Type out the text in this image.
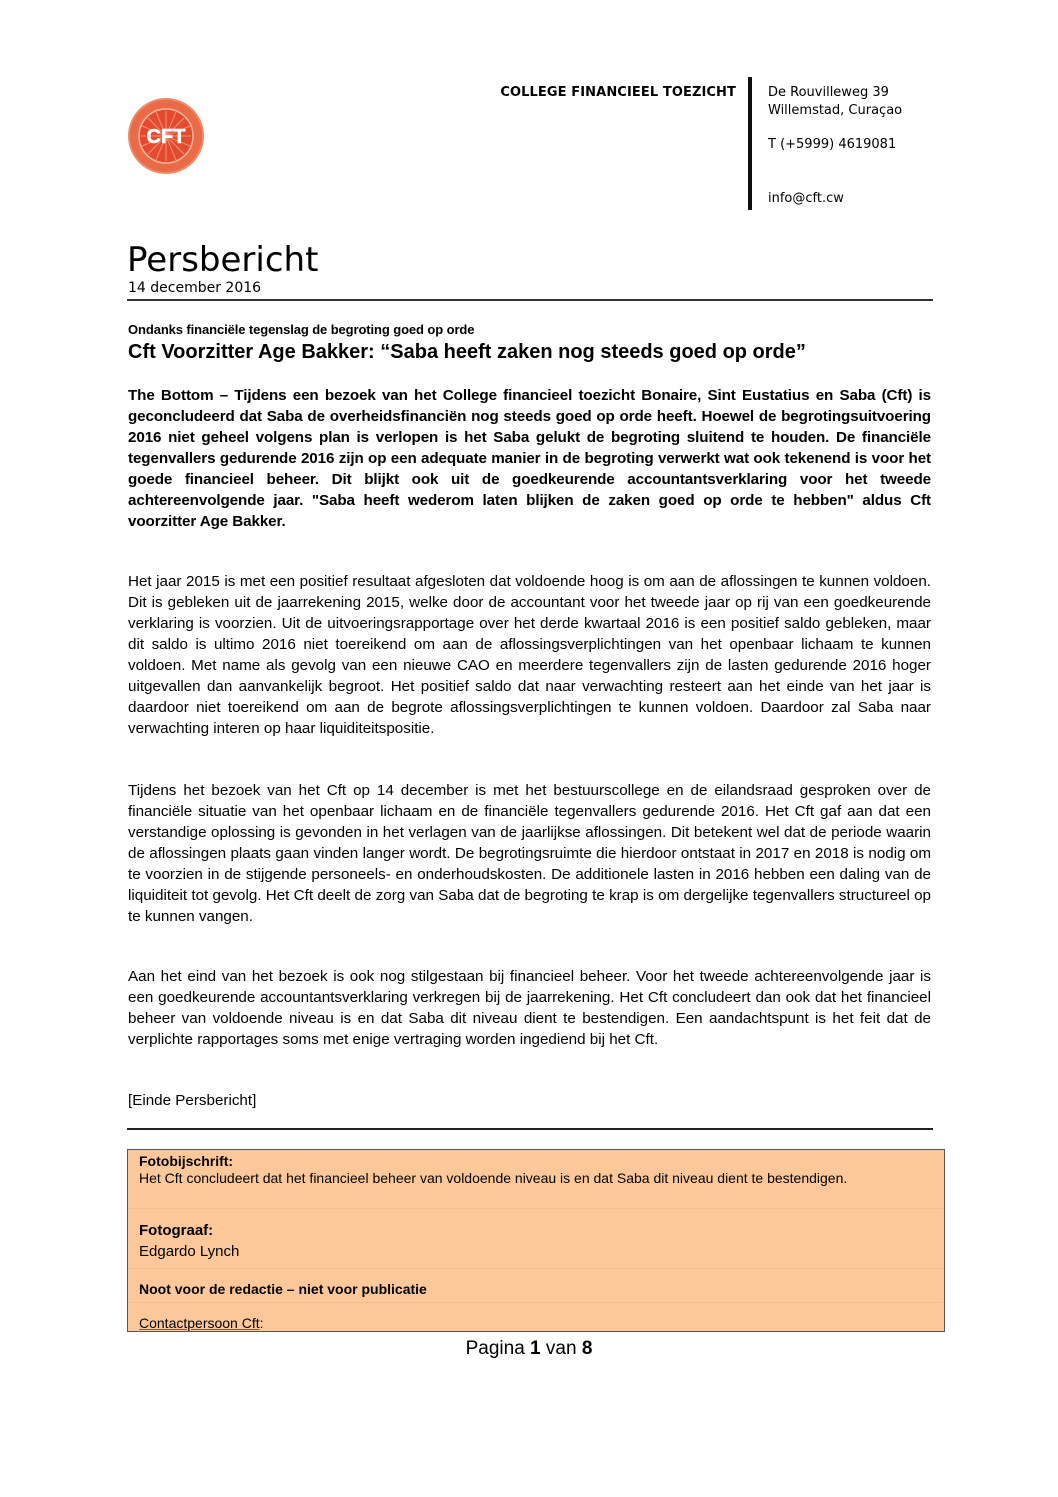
CFT
COLLEGE FINANCIEEL TOEZICHT De Rouvilleweg 39
Willemstad, Curaçao
T (+5999) 4619081
info@cft.cw
Persbericht
14 december 2016
Ondanks financiële tegenslag de begroting goed op orde
Cft Voorzitter Age Bakker: “Saba heeft zaken nog steeds goed op orde”
The Bottom – Tijdens een bezoek van het College financieel toezicht Bonaire, Sint Eustatius en Saba (Cft) is geconcludeerd dat Saba de overheidsfinanciën nog steeds goed op orde heeft. Hoewel de begrotingsuitvoering 2016 niet geheel volgens plan is verlopen is het Saba gelukt de begroting sluitend te houden. De financiële tegenvallers gedurende 2016 zijn op een adequate manier in de begroting verwerkt wat ook tekenend is voor het goede financieel beheer. Dit blijkt ook uit de goedkeurende accountantsverklaring voor het tweede achtereenvolgende jaar. "Saba heeft wederom laten blijken de zaken goed op orde te hebben" aldus Cft voorzitter Age Bakker.
Het jaar 2015 is met een positief resultaat afgesloten dat voldoende hoog is om aan de aflossingen te kunnen voldoen. Dit is gebleken uit de jaarrekening 2015, welke door de accountant voor het tweede jaar op rij van een goedkeurende verklaring is voorzien. Uit de uitvoeringsrapportage over het derde kwartaal 2016 is een positief saldo gebleken, maar dit saldo is ultimo 2016 niet toereikend om aan de aflossingsverplichtingen van het openbaar lichaam te kunnen voldoen. Met name als gevolg van een nieuwe CAO en meerdere tegenvallers zijn de lasten gedurende 2016 hoger uitgevallen dan aanvankelijk begroot. Het positief saldo dat naar verwachting resteert aan het einde van het jaar is daardoor niet toereikend om aan de begrote aflossingsverplichtingen te kunnen voldoen. Daardoor zal Saba naar verwachting interen op haar liquiditeitspositie.
Tijdens het bezoek van het Cft op 14 december is met het bestuurscollege en de eilandsraad gesproken over de financiële situatie van het openbaar lichaam en de financiële tegenvallers gedurende 2016. Het Cft gaf aan dat een verstandige oplossing is gevonden in het verlagen van de jaarlijkse aflossingen. Dit betekent wel dat de periode waarin de aflossingen plaats gaan vinden langer wordt. De begrotingsruimte die hierdoor ontstaat in 2017 en 2018 is nodig om te voorzien in de stijgende personeels- en onderhoudskosten. De additionele lasten in 2016 hebben een daling van de liquiditeit tot gevolg. Het Cft deelt de zorg van Saba dat de begroting te krap is om dergelijke tegenvallers structureel op te kunnen vangen.
Aan het eind van het bezoek is ook nog stilgestaan bij financieel beheer. Voor het tweede achtereenvolgende jaar is een goedkeurende accountantsverklaring verkregen bij de jaarrekening. Het Cft concludeert dan ook dat het financieel beheer van voldoende niveau is en dat Saba dit niveau dient te bestendigen. Een aandachtspunt is het feit dat de verplichte rapportages soms met enige vertraging worden ingediend bij het Cft.
[Einde Persbericht]
Fotobijschrift:
Het Cft concludeert dat het financieel beheer van voldoende niveau is en dat Saba dit niveau dient te bestendigen.
Fotograaf:
Edgardo Lynch
Noot voor de redactie – niet voor publicatie
Contactpersoon Cft:
Pagina 1 van 8
